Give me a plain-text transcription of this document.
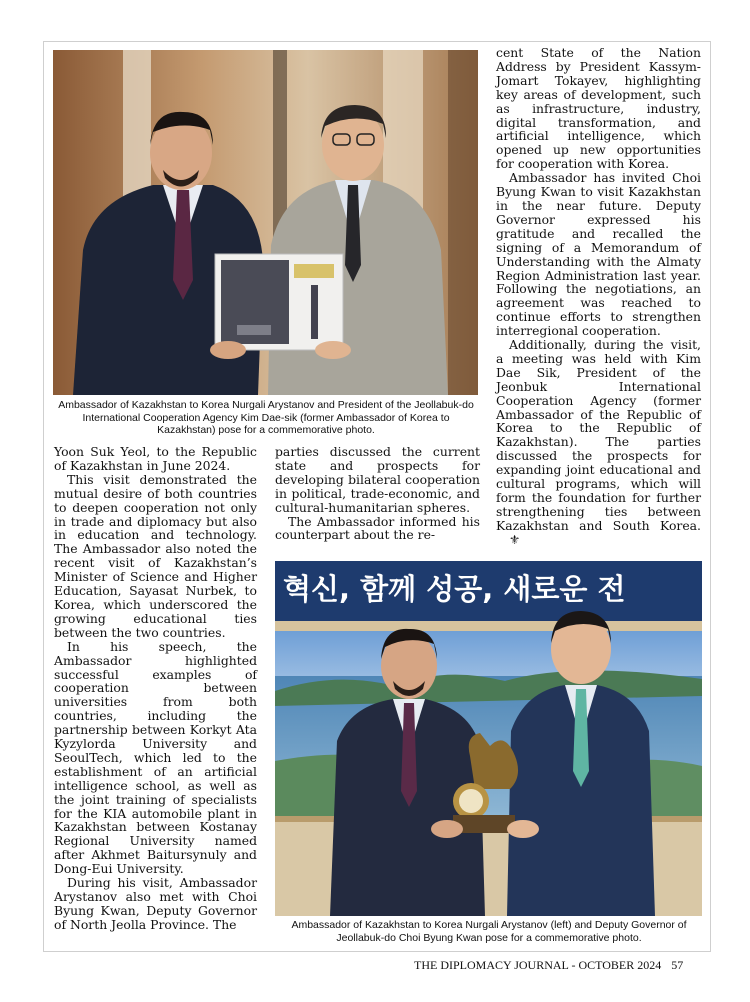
Ambassador of Kazakhstan to Korea Nurgali Arystanov and President of the Jeollabuk-do International Cooperation Agency Kim Dae-sik (former Ambassador of Korea to Kazakhstan) pose for a commemorative photo.
혁신, 함께 성공, 새로운 전
Ambassador of Kazakhstan to Korea Nurgali Arystanov (left) and Deputy Governor of Jeollabuk-do Choi Byung Kwan pose for a commemorative photo.

Yoon Suk Yeol, to the Republic of Kazakhstan in June 2024.

This visit demonstrated the mutual desire of both countries to deepen cooperation not only in trade and diplomacy but also in education and technology. The Ambassador also noted the recent visit of Kazakhstan’s Minister of Science and Higher Education, Sayasat Nurbek, to Korea, which underscored the growing educational ties between the two countries.

In his speech, the Ambassador highlighted successful examples of cooperation between universities from both countries, including the partnership between Korkyt Ata Kyzylorda University and SeoulTech, which led to the establishment of an artificial intelligence school, as well as the joint training of specialists for the KIA automobile plant in Kazakhstan between Kostanay Regional University named after Akhmet Baitursynuly and Dong-Eui University.

During his visit, Ambassador Arystanov also met with Choi Byung Kwan, Deputy Governor of North Jeolla Province. The

parties discussed the current state and prospects for developing bilateral cooperation in political, trade-economic, and cultural-humanitarian spheres.

The Ambassador informed his counterpart about the re-

cent State of the Nation Address by President Kassym-Jomart Tokayev, highlighting key areas of development, such as infrastructure, industry, digital transformation, and artificial intelligence, which opened up new opportunities for cooperation with Korea.

Ambassador has invited Choi Byung Kwan to visit Kazakhstan in the near future. Deputy Governor expressed his gratitude and recalled the signing of a Memorandum of Understanding with the Almaty Region Administration last year. Following the negotiations, an agreement was reached to continue efforts to strengthen interregional cooperation.

Additionally, during the visit, a meeting was held with Kim Dae Sik, President of the Jeonbuk International Cooperation Agency (former Ambassador of the Republic of Korea to the Republic of Kazakhstan). The parties discussed the prospects for expanding joint educational and cultural programs, which will form the foundation for further strengthening ties between Kazakhstan and South Korea. ⚜

THE DIPLOMACY JOURNAL - OCTOBER 2024 57
